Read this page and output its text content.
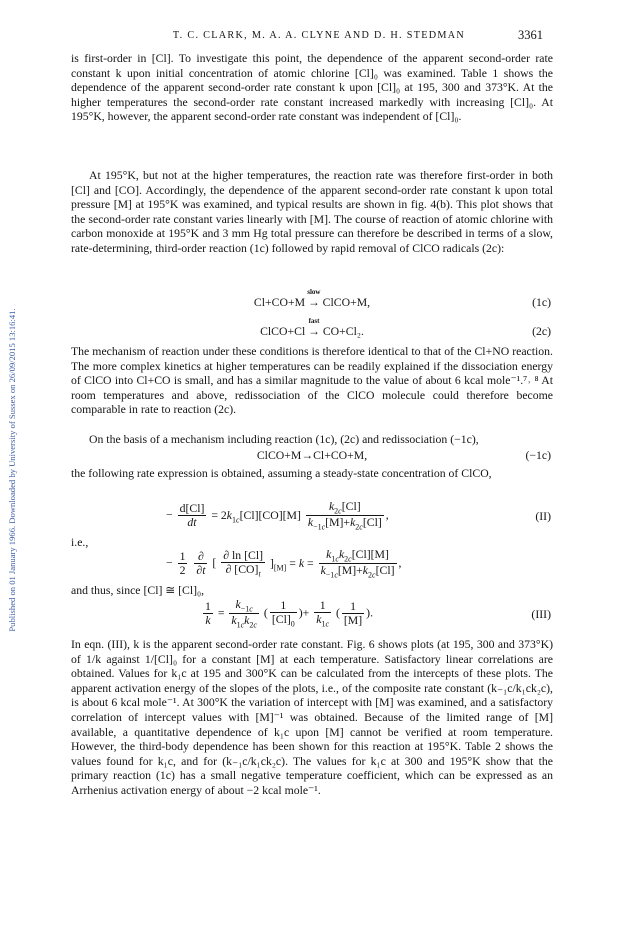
Published on 01 January 1966. Downloaded by University of Sussex on 26/09/2015 13:16:41.
T. C. CLARK, M. A. A. CLYNE AND D. H. STEDMAN	3361
is first-order in [Cl]. To investigate this point, the dependence of the apparent second-order rate constant k upon initial concentration of atomic chlorine [Cl]₀ was examined. Table 1 shows the dependence of the apparent second-order rate constant k upon [Cl]₀ at 195, 300 and 373°K. At the higher temperatures the second-order rate constant increased markedly with increasing [Cl]₀. At 195°K, however, the apparent second-order rate constant was independent of [Cl]₀.
At 195°K, but not at the higher temperatures, the reaction rate was therefore first-order in both [Cl] and [CO]. Accordingly, the dependence of the apparent second-order rate constant k upon total pressure [M] at 195°K was examined, and typical results are shown in fig. 4(b). This plot shows that the second-order rate constant varies linearly with [M]. The course of reaction of atomic chlorine with carbon monoxide at 195°K and 3 mm Hg total pressure can therefore be described in terms of a slow, rate-determining, third-order reaction (1c) followed by rapid removal of ClCO radicals (2c):
Cl+CO+M →
slow
ClCO+M,	(1c)
ClCO+Cl →
fast
CO+Cl₂.	(2c)
The mechanism of reaction under these conditions is therefore identical to that of the Cl+NO reaction. The more complex kinetics at higher temperatures can be readily explained if the dissociation energy of ClCO into Cl+CO is small, and has a similar magnitude to the value of about 6 kcal mole⁻¹.⁷˒ ⁸ At room temperatures and above, redissociation of the ClCO molecule could therefore become comparable in rate to reaction (2c).
On the basis of a mechanism including reaction (1c), (2c) and redissociation (−1c),
ClCO+M→Cl+CO+M,	(−1c)
the following rate expression is obtained, assuming a steady-state concentration of ClCO,
− $\frac{d[Cl]}{dt} = 2k_{1c}[Cl][CO][M] \frac{k_{2c}[Cl]}{k_{-1c}[M]+k_{2c}[Cl]}$ ,	(II)
i.e.,
− $\frac{1}{2}$
$\frac{\partial}{\partial t}$ [ $\frac{\partial \ln [Cl]}{\partial [CO]_t} ]_{[M]} = k = \frac{k_{1c}k_{2c}[Cl][M]}{k_{-1c}[M]+k_{2c}[Cl]}$ ,
and thus, since [Cl] ≅ [Cl]₀,
$\frac{1}{k} = \frac{k_{-1c}}{k_{1c}k_{2c}}$ ( $\frac{1}{[Cl]_0}$ )+ $\frac{1}{k_{1c}}$ ( $\frac{1}{[M]}$ ).	(III)
In eqn. (III), k is the apparent second-order rate constant. Fig. 6 shows plots (at 195, 300 and 373°K) of 1/k against 1/[Cl]₀ for a constant [M] at each temperature. Satisfactory linear correlations are obtained. Values for k₁c at 195 and 300°K can be calculated from the intercepts of these plots. The apparent activation energy of the slopes of the plots, i.e., of the composite rate constant (k₋₁c/k₁ck₂c), is about 6 kcal mole⁻¹. At 300°K the variation of intercept with [M] was examined, and a satisfactory correlation of intercept values with [M]⁻¹ was obtained. Because of the limited range of [M] available, a quantitative dependence of k₁c upon [M] cannot be verified at room temperature. However, the third-body dependence has been shown for this reaction at 195°K. Table 2 shows the values found for k₁c, and for (k₋₁c/k₁ck₂c). The values for k₁c at 300 and 195°K show that the primary reaction (1c) has a small negative temperature coefficient, which can be expressed as an Arrhenius activation energy of about −2 kcal mole⁻¹.
